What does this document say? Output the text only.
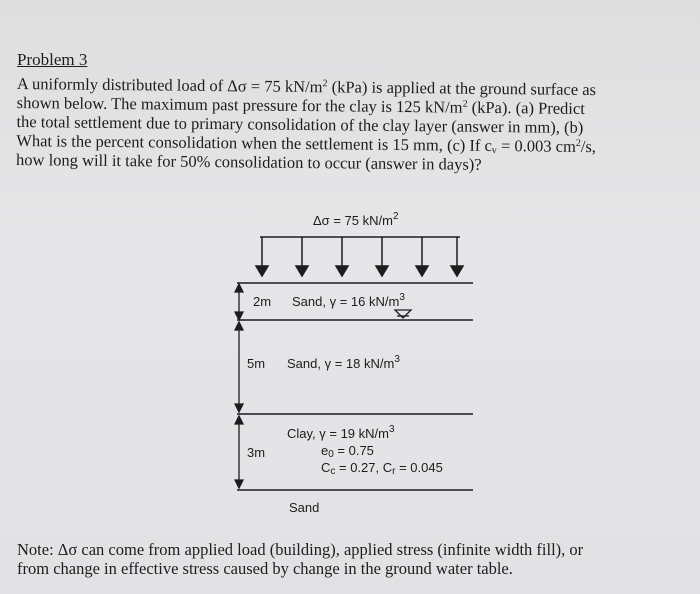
Problem 3
A uniformly distributed load of Δσ = 75 $kN/m^2$ (kPa) is applied at the ground surface as
shown below. The maximum past pressure for the clay is 125 $kN/m^2$ (kPa). (a) Predict
the total settlement due to primary consolidation of the clay layer (answer in mm), (b)
What is the percent consolidation when the settlement is 15 mm, (c) If $c_v = 0.003$ $cm^2/s$,
how long will it take for 50% consolidation to occur (answer in days)?
Δσ = 75 $kN/m^2$
2m Sand, γ = 16 $kN/m^3$
5m Sand, γ = 18 $kN/m^3$
3m
Clay, γ = 19 $kN/m^3$
$e_0 = 0.75$
$C_c = 0.27$, $C_r = 0.045$
Sand
Note: Δσ can come from applied load (building), applied stress (infinite width fill), or
from change in effective stress caused by change in the ground water table.
